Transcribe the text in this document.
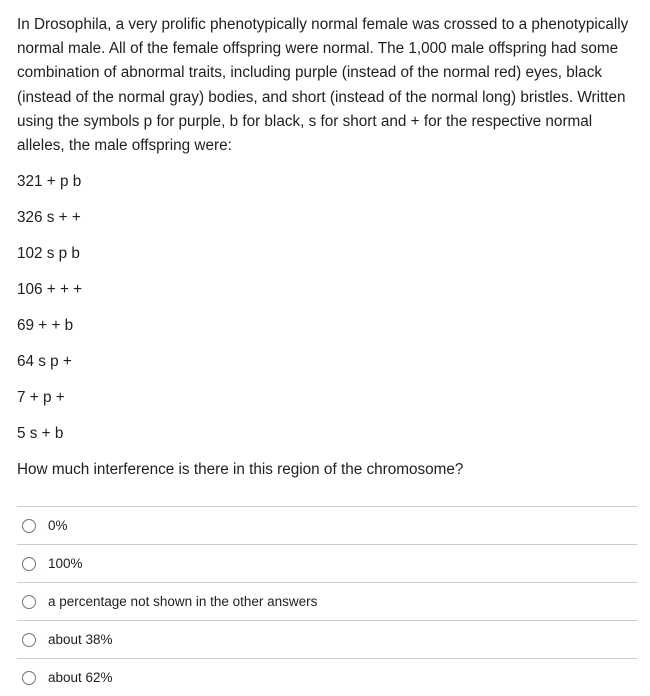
In Drosophila, a very prolific phenotypically normal female was crossed to a phenotypically normal male. All of the female offspring were normal. The 1,000 male offspring had some combination of abnormal traits, including purple (instead of the normal red) eyes, black (instead of the normal gray) bodies, and short (instead of the normal long) bristles. Written using the symbols p for purple, b for black, s for short and + for the respective normal alleles, the male offspring were:

321 + p b
326 s + +
102 s p b
106 + + +
69 + + b
64 s p +
7 + p +
5 s + b

How much interference is there in this region of the chromosome?

0%
100%
a percentage not shown in the other answers
about 38%
about 62%
